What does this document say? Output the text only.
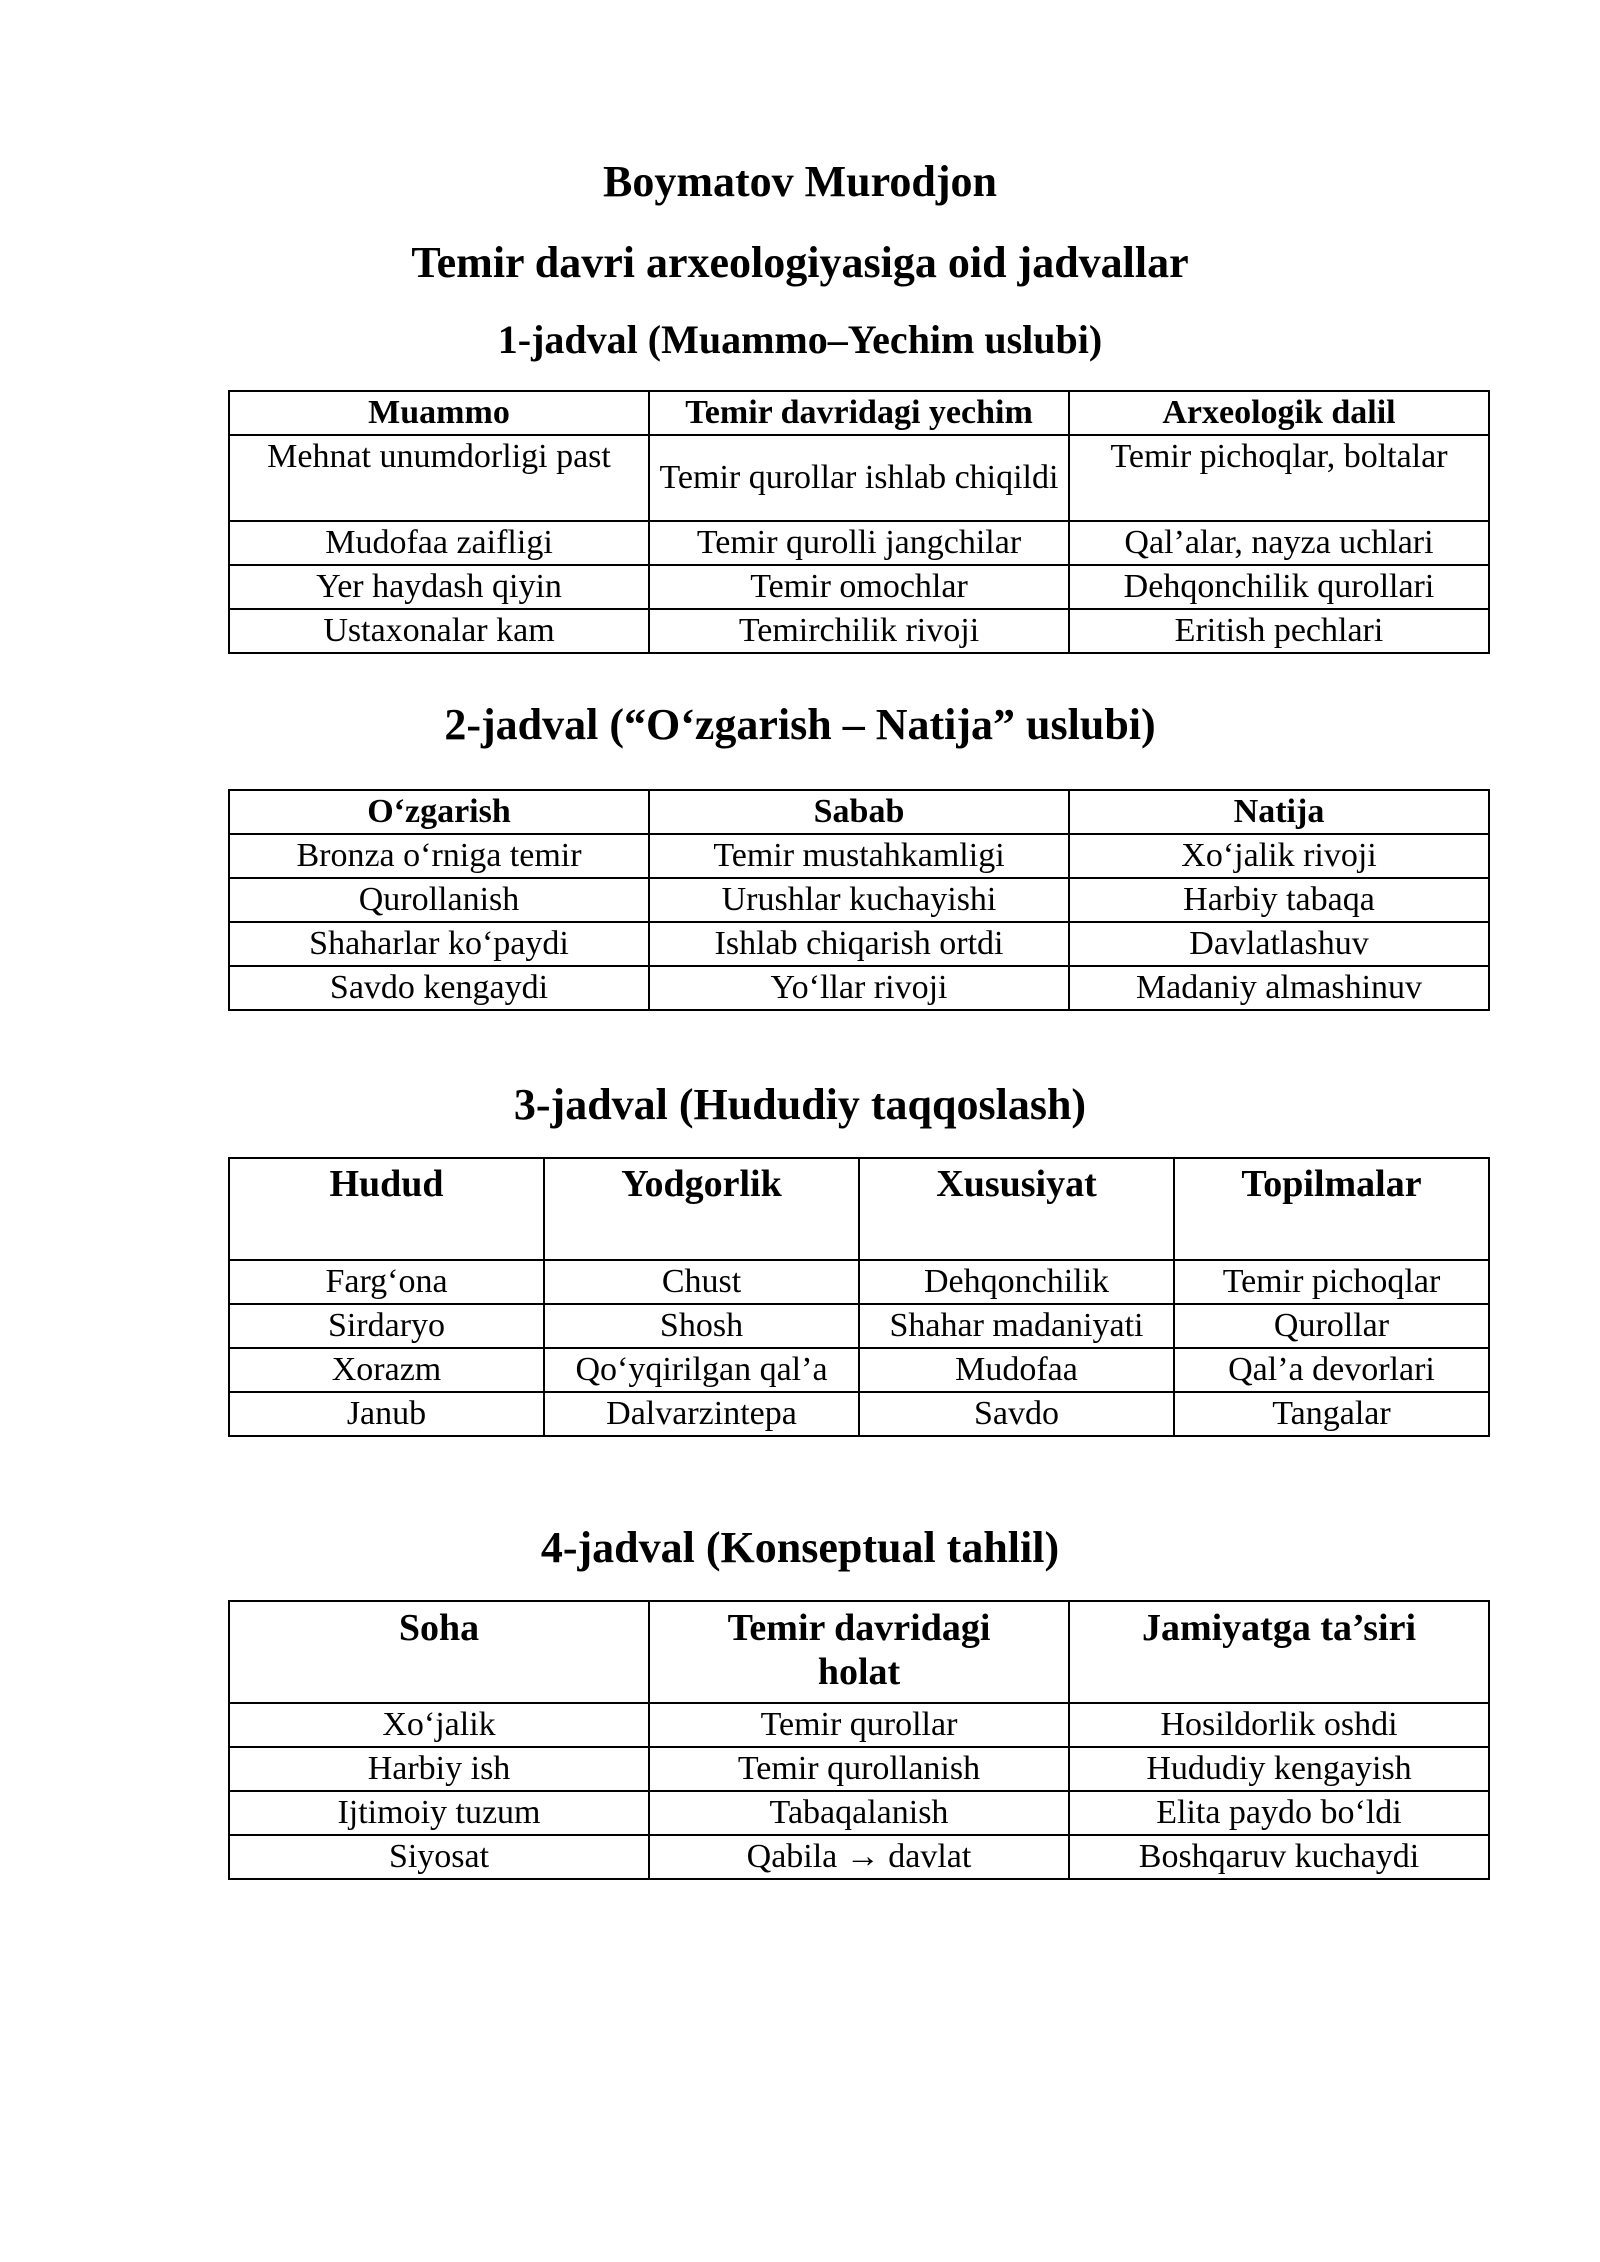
Boymatov Murodjon
Temir davri arxeologiyasiga oid jadvallar
1-jadval (Muammo–Yechim uslubi)
Muammo	Temir davridagi yechim	Arxeologik dalil
Mehnat unumdorligi past	Temir qurollar ishlab chiqildi	Temir pichoqlar, boltalar
Mudofaa zaifligi	Temir qurolli jangchilar	Qal’alar, nayza uchlari
Yer haydash qiyin	Temir omochlar	Dehqonchilik qurollari
Ustaxonalar kam	Temirchilik rivoji	Eritish pechlari
2-jadval (“O‘zgarish – Natija” uslubi)
O‘zgarish	Sabab	Natija
Bronza o‘rniga temir	Temir mustahkamligi	Xo‘jalik rivoji
Qurollanish	Urushlar kuchayishi	Harbiy tabaqa
Shaharlar ko‘paydi	Ishlab chiqarish ortdi	Davlatlashuv
Savdo kengaydi	Yo‘llar rivoji	Madaniy almashinuv
3-jadval (Hududiy taqqoslash)
Hudud	Yodgorlik	Xususiyat	Topilmalar
Farg‘ona	Chust	Dehqonchilik	Temir pichoqlar
Sirdaryo	Shosh	Shahar madaniyati	Qurollar
Xorazm	Qo‘yqirilgan qal’a	Mudofaa	Qal’a devorlari
Janub	Dalvarzintepa	Savdo	Tangalar
4-jadval (Konseptual tahlil)
Soha	Temir davridagi holat	Jamiyatga ta’siri
Xo‘jalik	Temir qurollar	Hosildorlik oshdi
Harbiy ish	Temir qurollanish	Hududiy kengayish
Ijtimoiy tuzum	Tabaqalanish	Elita paydo bo‘ldi
Siyosat	Qabila → davlat	Boshqaruv kuchaydi
